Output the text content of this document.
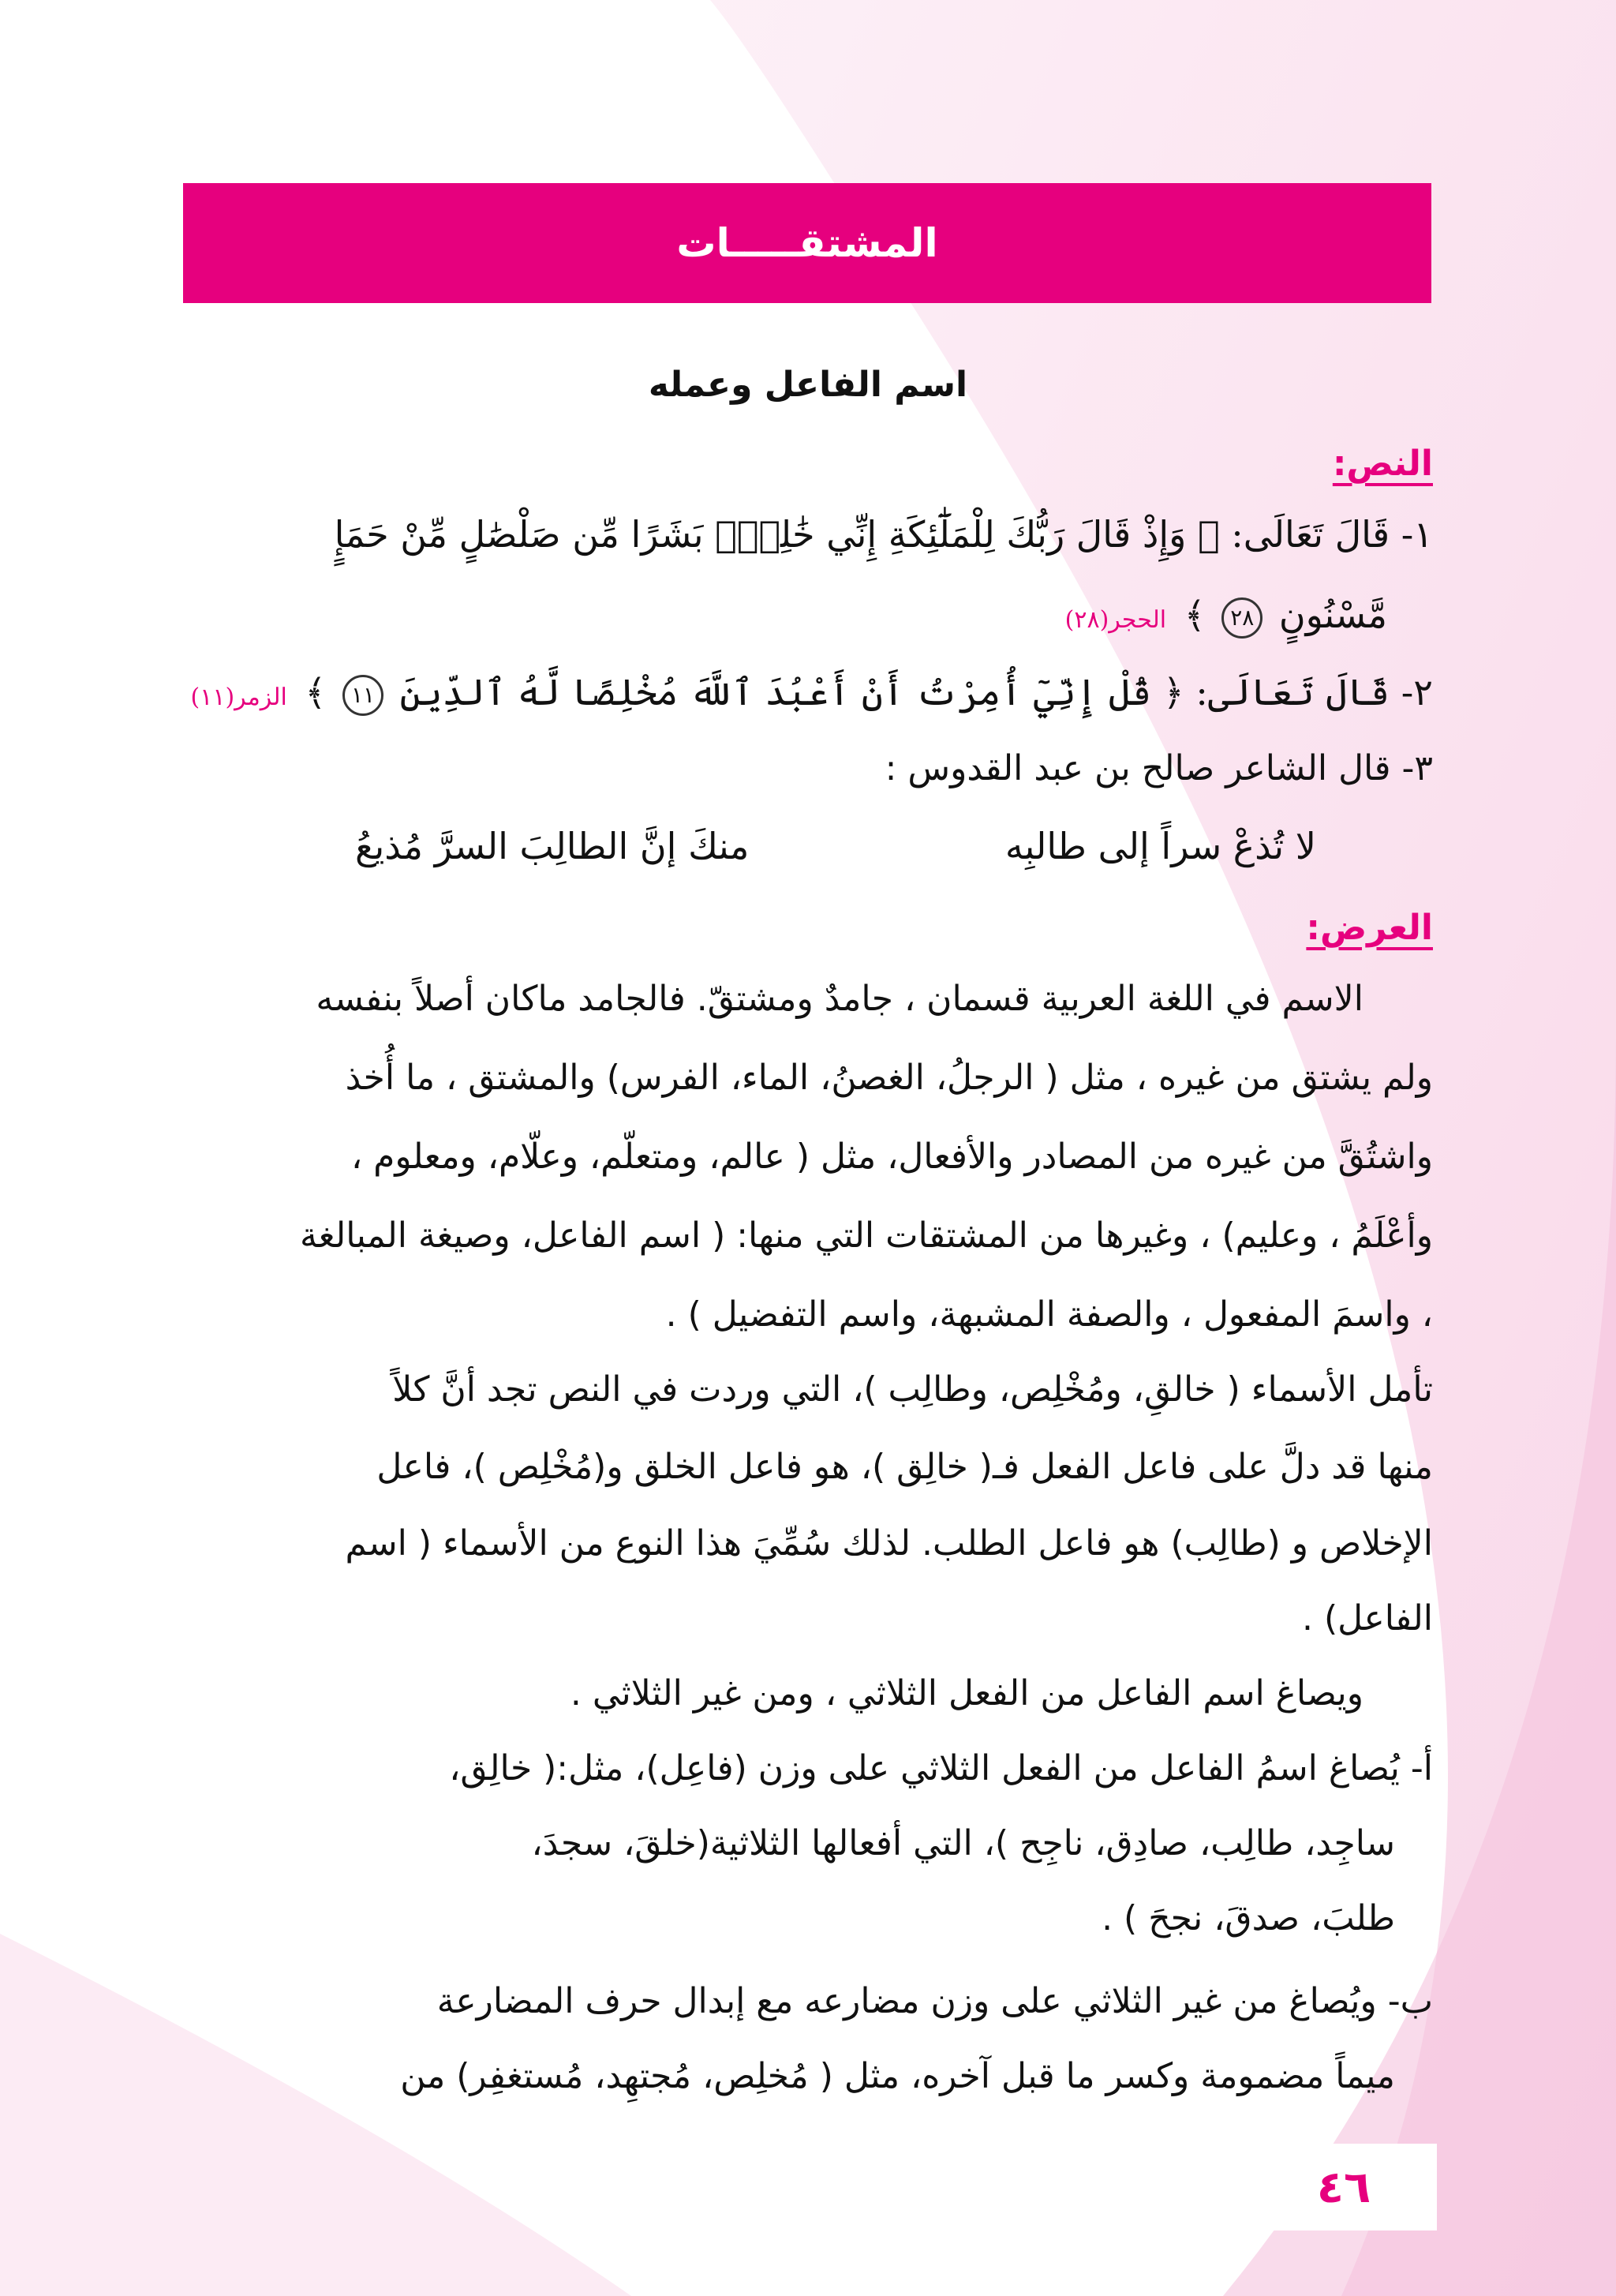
المشتقـــــات
اسم الفاعل وعمله
النص:
١- قَالَ تَعَالَى: ﴿ وَإِذْ قَالَ رَبُّكَ لِلْمَلَٰٓئِكَةِ إِنِّي خَٰلِقٌۢ بَشَرًا مِّن صَلْصَٰلٍ مِّنْ حَمَإٍ
مَّسْنُونٍ ٢٨ ﴾ الحجر(٢٨)
٢- قَالَ تَعَالَى: ﴿ قُلْ إِنِّيٓ أُمِرْتُ أَنْ أَعْبُدَ ٱللَّهَ مُخْلِصًا لَّهُ ٱلدِّينَ ١١ ﴾ الزمر(١١)
٣- قال الشاعر صالح بن عبد القدوس :
لا تُذعْ سراً إلى طالبِه
منكَ إنَّ الطالِبَ السرَّ مُذيعُ
العرض:
الاسم في اللغة العربية قسمان ، جامدٌ ومشتقّ. فالجامد ماكان أصلاً بنفسه
ولم يشتق من غيره ، مثل ( الرجلُ، الغصنُ، الماء، الفرس) والمشتق ، ما أُخذ
واشتُقَّ من غيره من المصادر والأفعال، مثل ( عالم، ومتعلّم، وعلّام، ومعلوم ،
وأعْلَمُ ، وعليم) ، وغيرها من المشتقات التي منها: ( اسم الفاعل، وصيغة المبالغة
، واسمَ المفعول ، والصفة المشبهة، واسم التفضيل ) .
تأمل الأسماء ( خالقِ، ومُخْلِص، وطالِب )، التي وردت في النص تجد أنَّ كلاً
منها قد دلَّ على فاعل الفعل فـ( خالِق )، هو فاعل الخلق و(مُخْلِص )، فاعل
الإخلاص و (طالِب) هو فاعل الطلب. لذلك سُمِّيَ هذا النوع من الأسماء ( اسم
الفاعل) .
ويصاغ اسم الفاعل من الفعل الثلاثي ، ومن غير الثلاثي .
أ- يُصاغ اسمُ الفاعل من الفعل الثلاثي على وزن (فاعِل)، مثل:( خالِق،
ساجِد، طالِب، صادِق، ناجِح )، التي أفعالها الثلاثية(خلقَ، سجدَ،
طلبَ، صدقَ، نجحَ ) .
ب- ويُصاغ من غير الثلاثي على وزن مضارعه مع إبدال حرف المضارعة
ميماً مضمومة وكسر ما قبل آخره، مثل ( مُخلِص، مُجتهِد، مُستغفِر) من
٤٦
